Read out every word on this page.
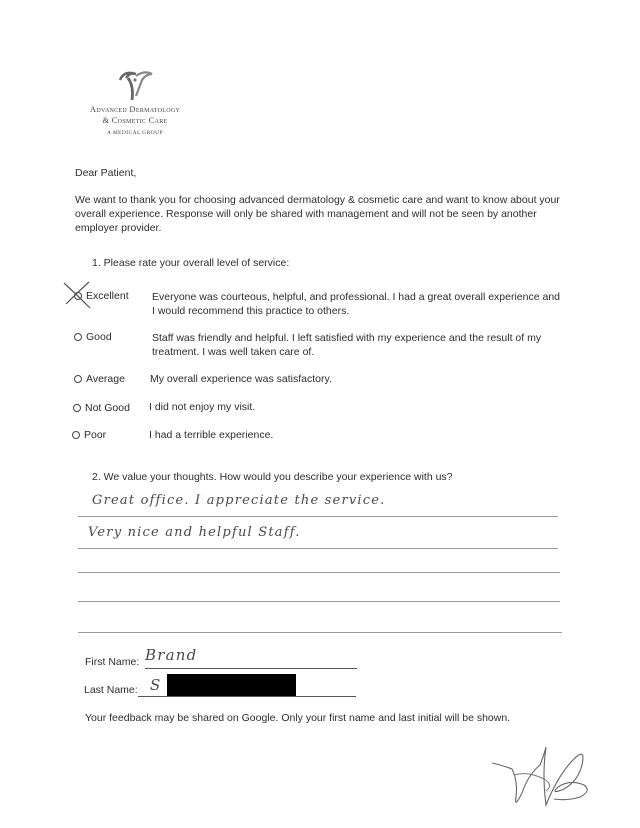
Advanced Dermatology
& Cosmetic Care
A MEDICAL GROUP
Dear Patient,
We want to thank you for choosing advanced dermatology & cosmetic care and want to know about your overall experience. Response will only be shared with management and will not be seen by another employer provider.
1. Please rate your overall level of service:
Excellent Everyone was courteous, helpful, and professional. I had a great overall experience and I would recommend this practice to others.
Good	Staff was friendly and helpful. I left satisfied with my experience and the result of my treatment. I was well taken care of.
Average My overall experience was satisfactory.
Not Good I did not enjoy my visit.
Poor	I had a terrible experience.
2. We value your thoughts. How would you describe your experience with us?
Great office. I appreciate the service.
Very nice and helpful Staff.
First Name: Brand
Last Name: S
Your feedback may be shared on Google. Only your first name and last initial will be shown.
